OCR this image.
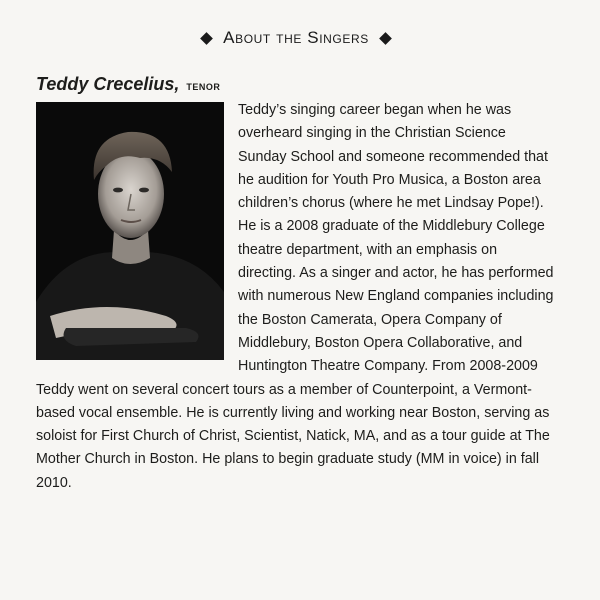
About the Singers
Teddy Crecelius, tenor

Teddy’s singing career began when he was overheard singing in the Christian Science Sunday School and someone recommended that he audition for Youth Pro Musica, a Boston area children’s chorus (where he met Lindsay Pope!). He is a 2008 graduate of the Middlebury College theatre department, with an emphasis on directing. As a singer and actor, he has performed with numerous New England companies including the Boston Camerata, Opera Company of Middlebury, Boston Opera Collaborative, and Huntington Theatre Company. From 2008-2009 Teddy went on several concert tours as a member of Counterpoint, a Vermont-based vocal ensemble. He is currently living and working near Boston, serving as soloist for First Church of Christ, Scientist, Natick, MA, and as a tour guide at The Mother Church in Boston. He plans to begin graduate study (MM in voice) in fall 2010.
